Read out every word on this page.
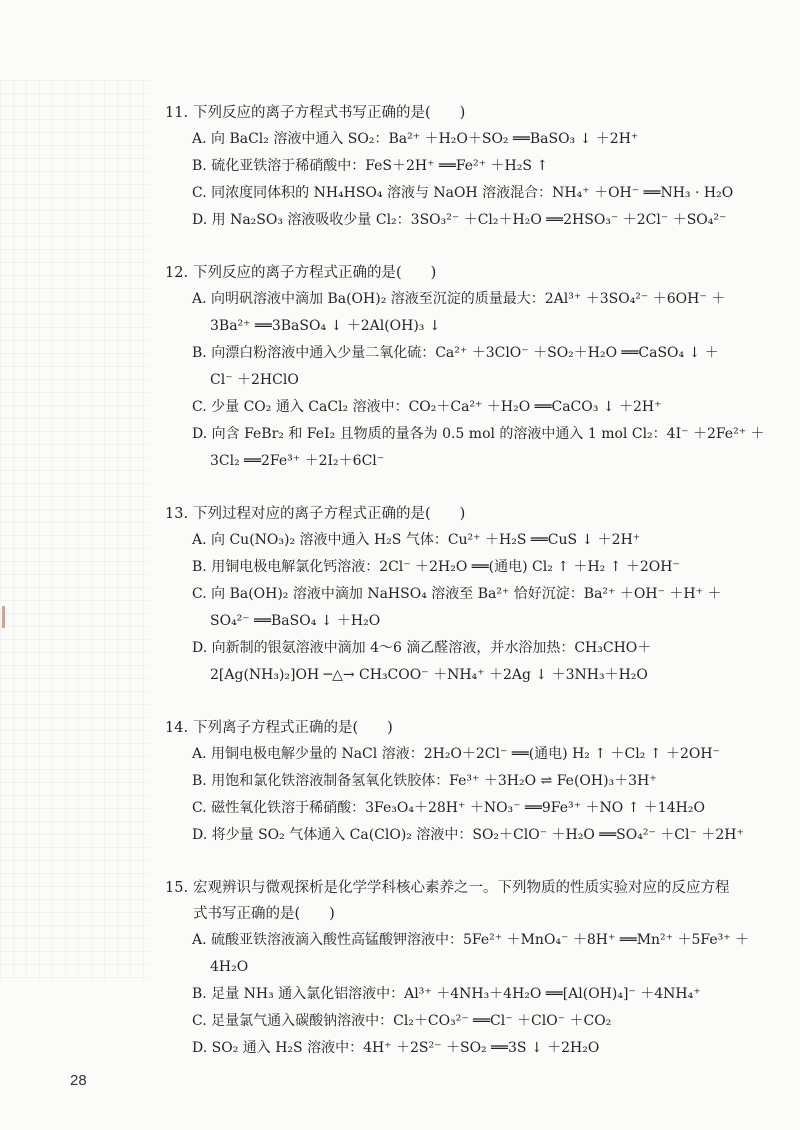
11. 下列反应的离子方程式书写正确的是(　　)
A. 向 BaCl₂ 溶液中通入 SO₂：Ba²⁺ ＋H₂O＋SO₂ ══BaSO₃ ↓ ＋2H⁺
B. 硫化亚铁溶于稀硝酸中：FeS＋2H⁺ ══Fe²⁺ ＋H₂S ↑
C. 同浓度同体积的 NH₄HSO₄ 溶液与 NaOH 溶液混合：NH₄⁺ ＋OH⁻ ══NH₃ · H₂O
D. 用 Na₂SO₃ 溶液吸收少量 Cl₂：3SO₃²⁻ ＋Cl₂＋H₂O ══2HSO₃⁻ ＋2Cl⁻ ＋SO₄²⁻
12. 下列反应的离子方程式正确的是(　　)
A. 向明矾溶液中滴加 Ba(OH)₂ 溶液至沉淀的质量最大：2Al³⁺ ＋3SO₄²⁻ ＋6OH⁻ ＋
3Ba²⁺ ══3BaSO₄ ↓ ＋2Al(OH)₃ ↓
B. 向漂白粉溶液中通入少量二氧化硫：Ca²⁺ ＋3ClO⁻ ＋SO₂＋H₂O ══CaSO₄ ↓ ＋
Cl⁻ ＋2HClO
C. 少量 CO₂ 通入 CaCl₂ 溶液中：CO₂＋Ca²⁺ ＋H₂O ══CaCO₃ ↓ ＋2H⁺
D. 向含 FeBr₂ 和 FeI₂ 且物质的量各为 0.5 mol 的溶液中通入 1 mol Cl₂：4I⁻ ＋2Fe²⁺ ＋
3Cl₂ ══2Fe³⁺ ＋2I₂＋6Cl⁻
13. 下列过程对应的离子方程式正确的是(　　)
A. 向 Cu(NO₃)₂ 溶液中通入 H₂S 气体：Cu²⁺ ＋H₂S ══CuS ↓ ＋2H⁺
B. 用铜电极电解氯化钙溶液：2Cl⁻ ＋2H₂O ══(通电) Cl₂ ↑ ＋H₂ ↑ ＋2OH⁻
C. 向 Ba(OH)₂ 溶液中滴加 NaHSO₄ 溶液至 Ba²⁺ 恰好沉淀：Ba²⁺ ＋OH⁻ ＋H⁺ ＋
SO₄²⁻ ══BaSO₄ ↓ ＋H₂O
D. 向新制的银氨溶液中滴加 4～6 滴乙醛溶液，并水浴加热：CH₃CHO＋
2[Ag(NH₃)₂]OH ─△→ CH₃COO⁻ ＋NH₄⁺ ＋2Ag ↓ ＋3NH₃＋H₂O
14. 下列离子方程式正确的是(　　)
A. 用铜电极电解少量的 NaCl 溶液：2H₂O＋2Cl⁻ ══(通电) H₂ ↑ ＋Cl₂ ↑ ＋2OH⁻
B. 用饱和氯化铁溶液制备氢氧化铁胶体：Fe³⁺ ＋3H₂O ⇌ Fe(OH)₃＋3H⁺
C. 磁性氧化铁溶于稀硝酸：3Fe₃O₄＋28H⁺ ＋NO₃⁻ ══9Fe³⁺ ＋NO ↑ ＋14H₂O
D. 将少量 SO₂ 气体通入 Ca(ClO)₂ 溶液中：SO₂＋ClO⁻ ＋H₂O ══SO₄²⁻ ＋Cl⁻ ＋2H⁺
15. 宏观辨识与微观探析是化学学科核心素养之一。下列物质的性质实验对应的反应方程
式书写正确的是(　　)
A. 硫酸亚铁溶液滴入酸性高锰酸钾溶液中：5Fe²⁺ ＋MnO₄⁻ ＋8H⁺ ══Mn²⁺ ＋5Fe³⁺ ＋
4H₂O
B. 足量 NH₃ 通入氯化铝溶液中：Al³⁺ ＋4NH₃＋4H₂O ══[Al(OH)₄]⁻ ＋4NH₄⁺
C. 足量氯气通入碳酸钠溶液中：Cl₂＋CO₃²⁻ ══Cl⁻ ＋ClO⁻ ＋CO₂
D. SO₂ 通入 H₂S 溶液中：4H⁺ ＋2S²⁻ ＋SO₂ ══3S ↓ ＋2H₂O
28
